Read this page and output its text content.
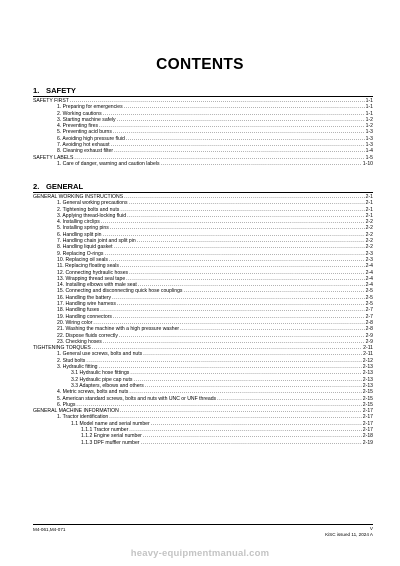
CONTENTS
1. SAFETY
SAFETY FIRST .....	1-1
1. Preparing for emergencies .....	1-1
2. Working cautions .....	1-1
3. Starting machine safely .....	1-2
4. Preventing fires .....	1-2
5. Preventing acid burns .....	1-3
6. Avoiding high pressure fluid .....	1-3
7. Avoiding hot exhaust .....	1-3
8. Cleaning exhaust filter .....	1-4
SAFETY LABELS .....	1-5
1. Care of danger, warning and caution labels .....	1-10
2. GENERAL
GENERAL WORKING INSTRUCTIONS .....	2-1
1. General working precautions .....	2-1
2. Tightening bolts and nuts .....	2-1
3. Applying thread-locking fluid .....	2-1
4. Installing circlips .....	2-2
5. Installing spring pins .....	2-2
6. Handling split pin .....	2-2
7. Handling chain joint and split pin .....	2-2
8. Handling liquid gasket .....	2-2
9. Replacing O-rings .....	2-3
10. Replacing oil seals .....	2-3
11. Replacing floating seals .....	2-4
12. Connecting hydraulic hoses .....	2-4
13. Wrapping thread seal tape .....	2-4
14. Installing elbows with male seat .....	2-4
15. Connecting and disconnecting quick hose couplings .....	2-5
16. Handling the battery .....	2-5
17. Handling wire harness .....	2-5
18. Handling fuses .....	2-7
19. Handling connectors .....	2-7
20. Wiring color .....	2-8
21. Washing the machine with a high pressure washer .....	2-8
22. Dispose fluids correctly .....	2-9
23. Checking hoses .....	2-9
TIGHTENING TORQUES .....	2-11
1. General use screws, bolts and nuts .....	2-11
2. Stud bolts .....	2-12
3. Hydraulic fitting .....	2-13
3.1 Hydraulic hose fittings .....	2-13
3.2 Hydraulic pipe cap nuts .....	2-13
3.3 Adapters, elbows and others .....	2-13
4. Metric screws, bolts and nuts .....	2-15
5. American standard screws, bolts and nuts with UNC or UNF threads .....	2-15
6. Plugs .....	2-15
GENERAL MACHINE INFORMATION .....	2-17
1. Tractor identification .....	2-17
1.1 Model name and serial number .....	2-17
1.1.1 Tractor number .....	2-17
1.1.2 Engine serial number .....	2-18
1.1.3 DPF muffler number .....	2-19
M4-061,M4-071	V
KiSC issued 11, 2024 A
heavy-equipmentmanual.com
